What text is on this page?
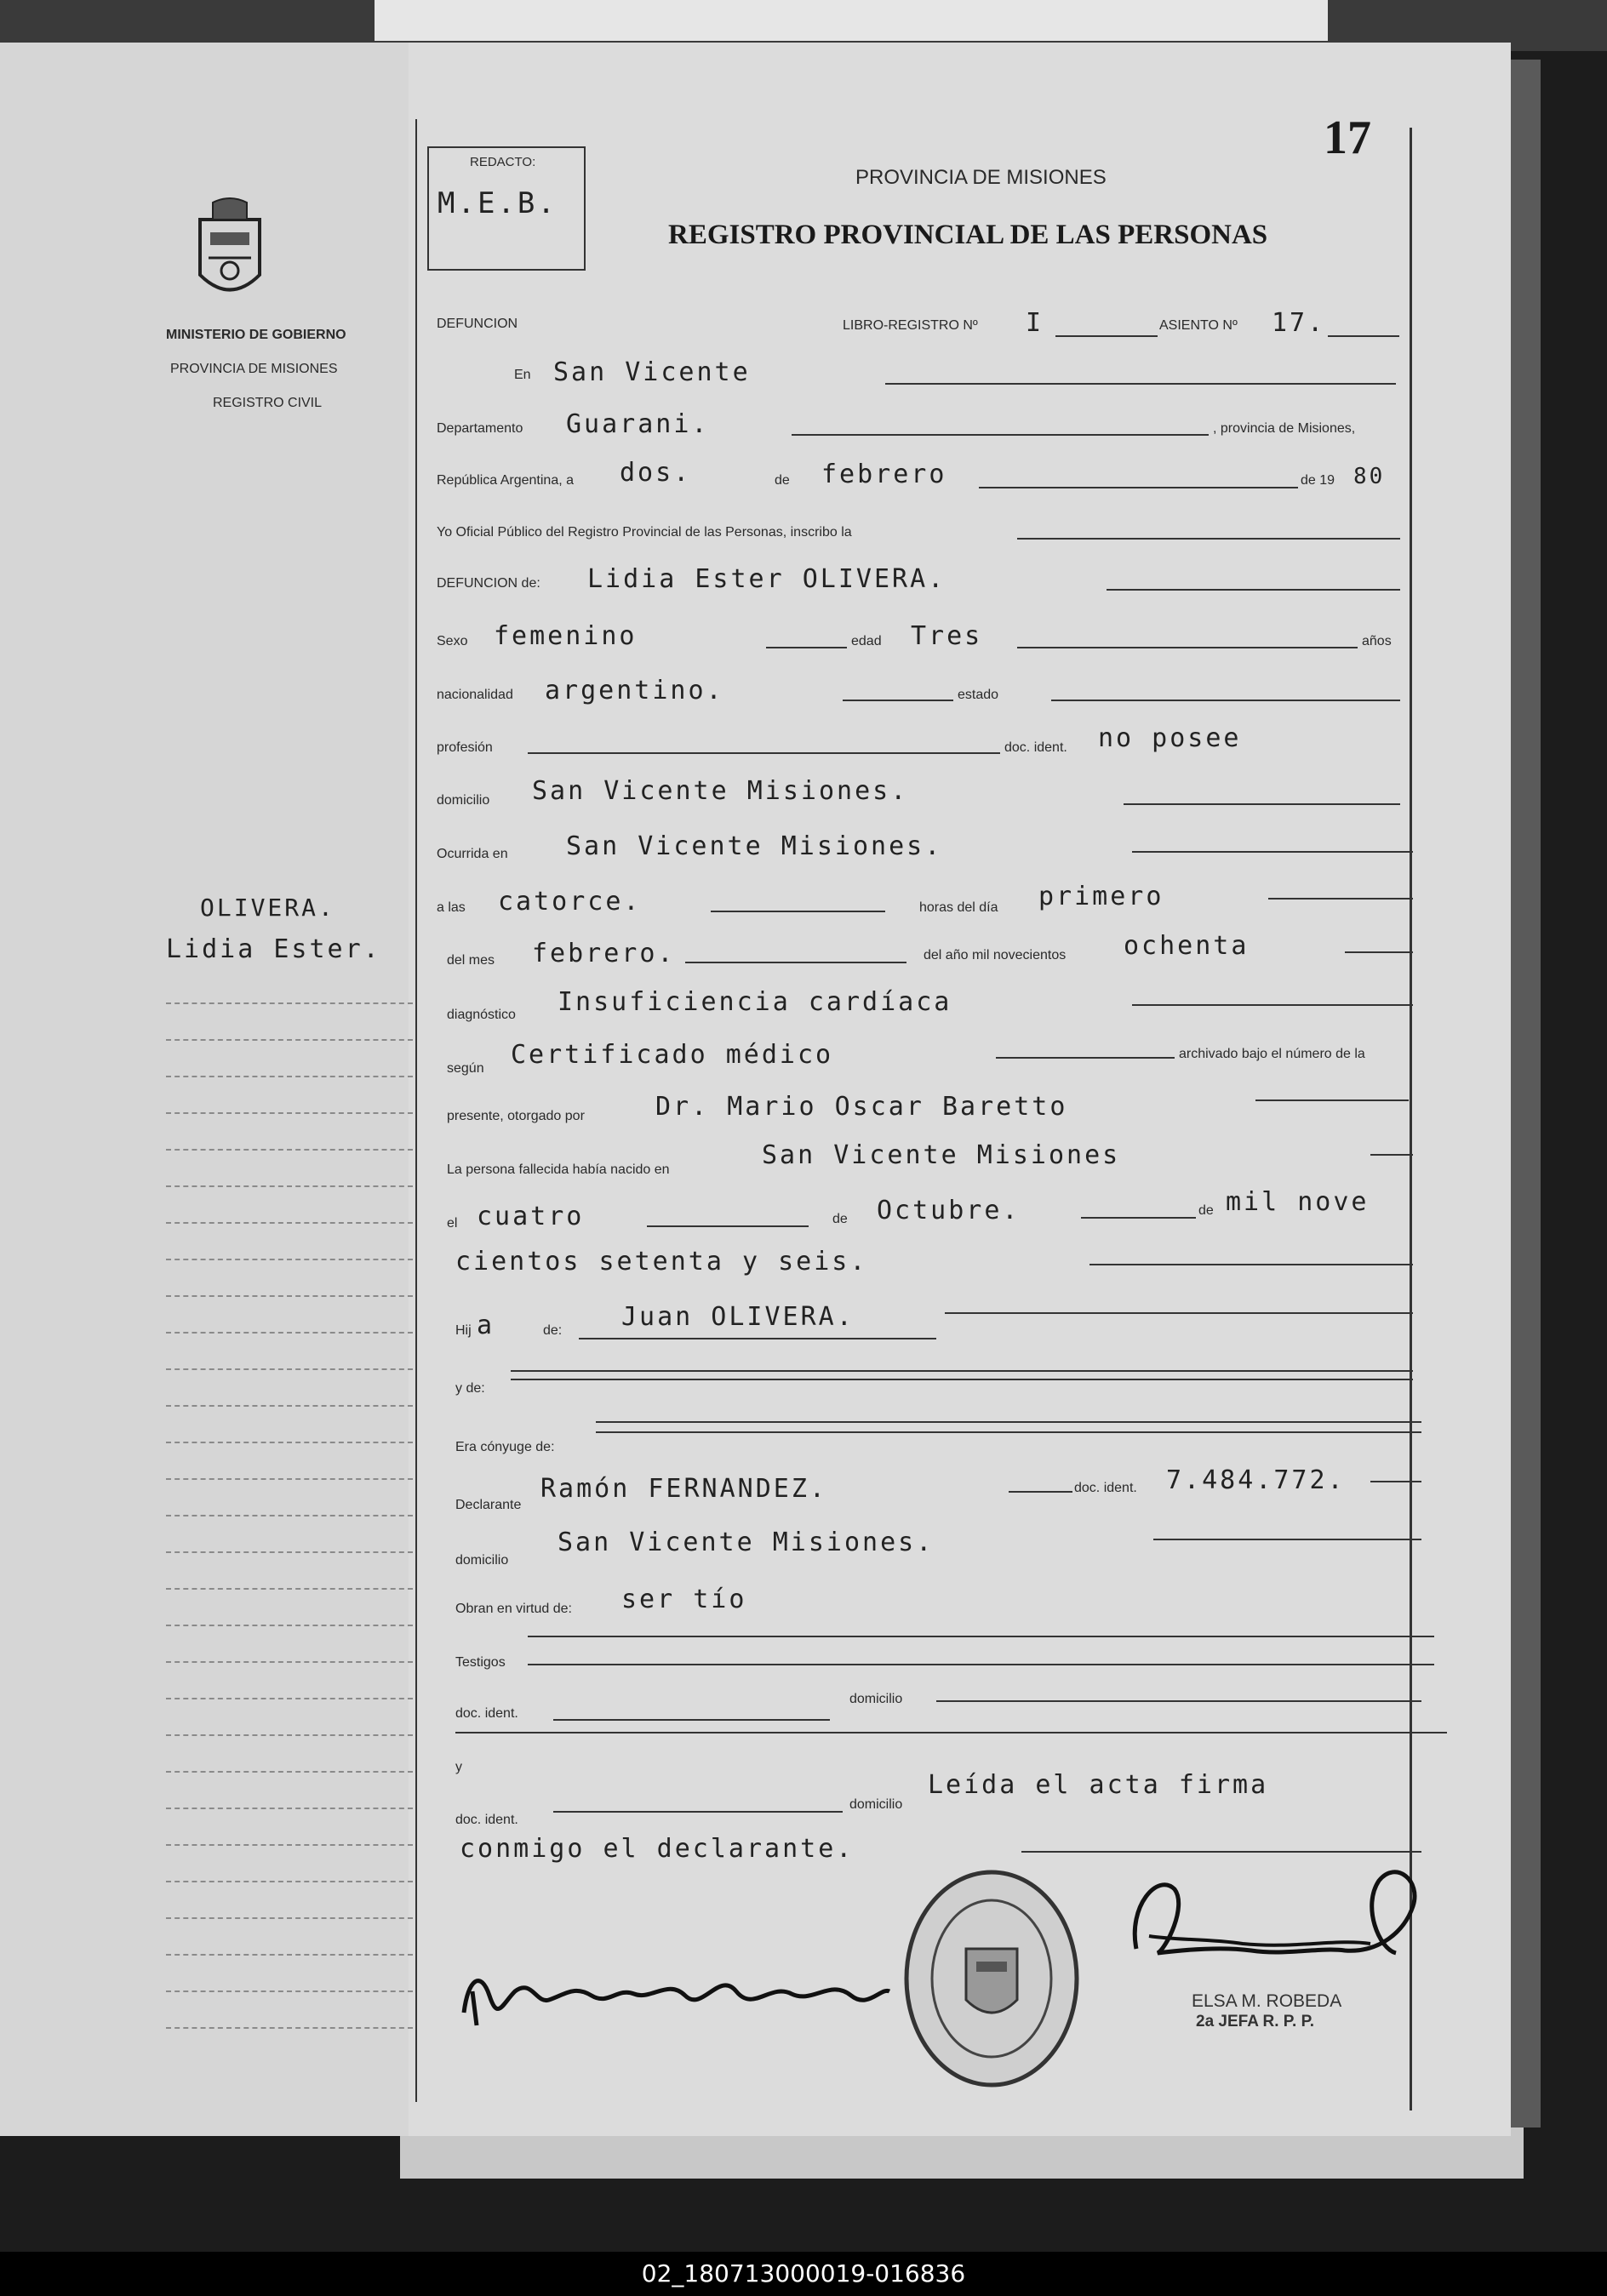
MINISTERIO DE GOBIERNO
PROVINCIA DE MISIONES
REGISTRO CIVIL
OLIVERA.
Lidia Ester.
17
REDACTO:
M.E.B.
PROVINCIA DE MISIONES
REGISTRO PROVINCIAL DE LAS PERSONAS
DEFUNCION	LIBRO-REGISTRO Nº I	ASIENTO Nº 17.
En San Vicente
Departamento Guarani.	, provincia de Misiones,
República Argentina, a dos.	de febrero	de 19 80
Yo Oficial Público del Registro Provincial de las Personas, inscribo la
DEFUNCION de: Lidia Ester OLIVERA.
Sexo femenino	edad Tres	años
nacionalidad argentino.	estado
profesión	doc. ident. no posee
domicilio San Vicente Misiones.
Ocurrida en San Vicente Misiones.
a las catorce.	horas del día primero
del mes febrero.	del año mil novecientos ochenta
diagnóstico Insuficiencia cardíaca
según Certificado médico	archivado bajo el número de la
presente, otorgado por	Dr. Mario Oscar Baretto
La persona fallecida había nacido en	San Vicente Misiones
el cuatro	de Octubre.	de mil nove
cientos setenta y seis.
Hij a	de: Juan OLIVERA.
y de:
Era cónyuge de:
Declarante
Ramón FERNANDEZ.	doc. ident. 7.484.772.
domicilio
San Vicente Misiones.
Obran en virtud de: ser tío
Testigos
doc. ident.
domicilio
y
doc. ident.
domicilio
Leída el acta firma
conmigo el declarante.
ELSA M. ROBEDA
2a JEFA R. P. P.
02_180713000019-016836
